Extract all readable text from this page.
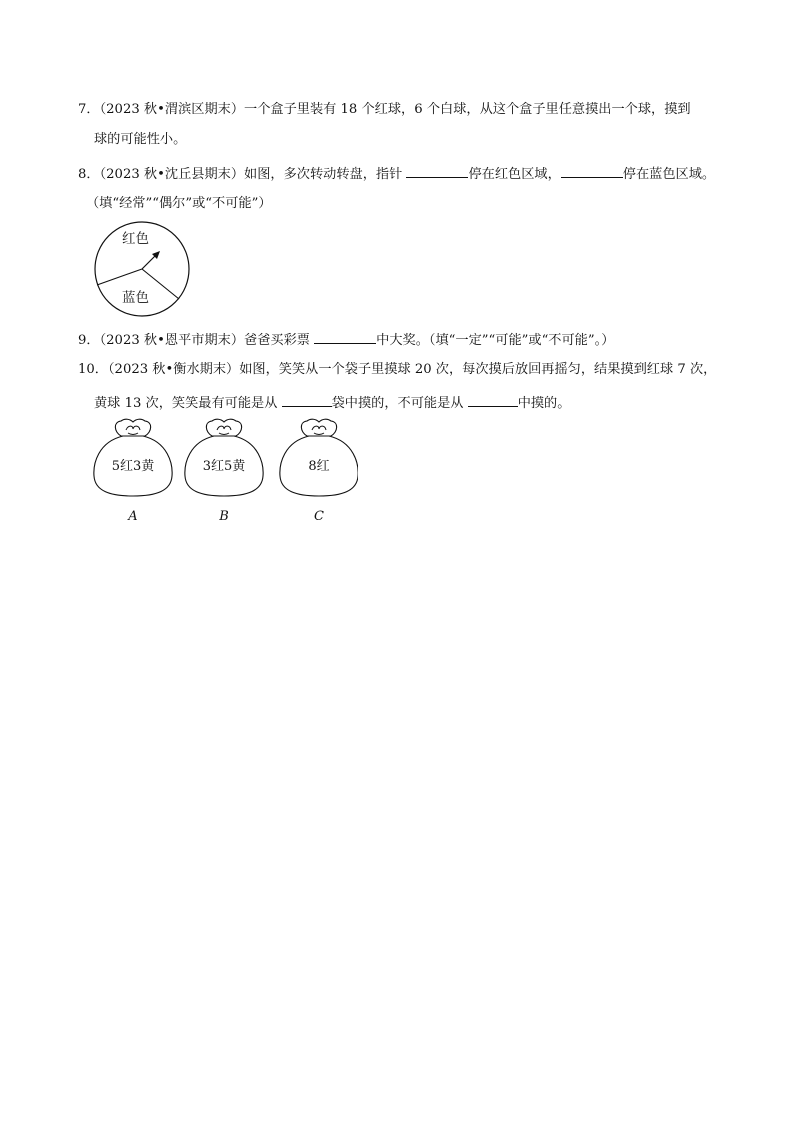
7．（2023 秋•渭滨区期末）一个盒子里装有 18 个红球，6 个白球，从这个盒子里任意摸出一个球，摸到
球的可能性小。
8．（2023 秋•沈丘县期末）如图，多次转动转盘，指针	停在红色区域，	停在蓝色区域。
（填“经常”“偶尔”或“不可能”）
红色
蓝色
9．（2023 秋•恩平市期末）爸爸买彩票	中大奖。（填“一定”“可能”或“不可能”。）
10．（2023 秋•衡水期末）如图，笑笑从一个袋子里摸球 20 次，每次摸后放回再摇匀，结果摸到红球 7 次，
黄球 13 次，笑笑最有可能是从	袋中摸的，不可能是从	中摸的。
5红3黄
A
3红5黄
B
8红
C
